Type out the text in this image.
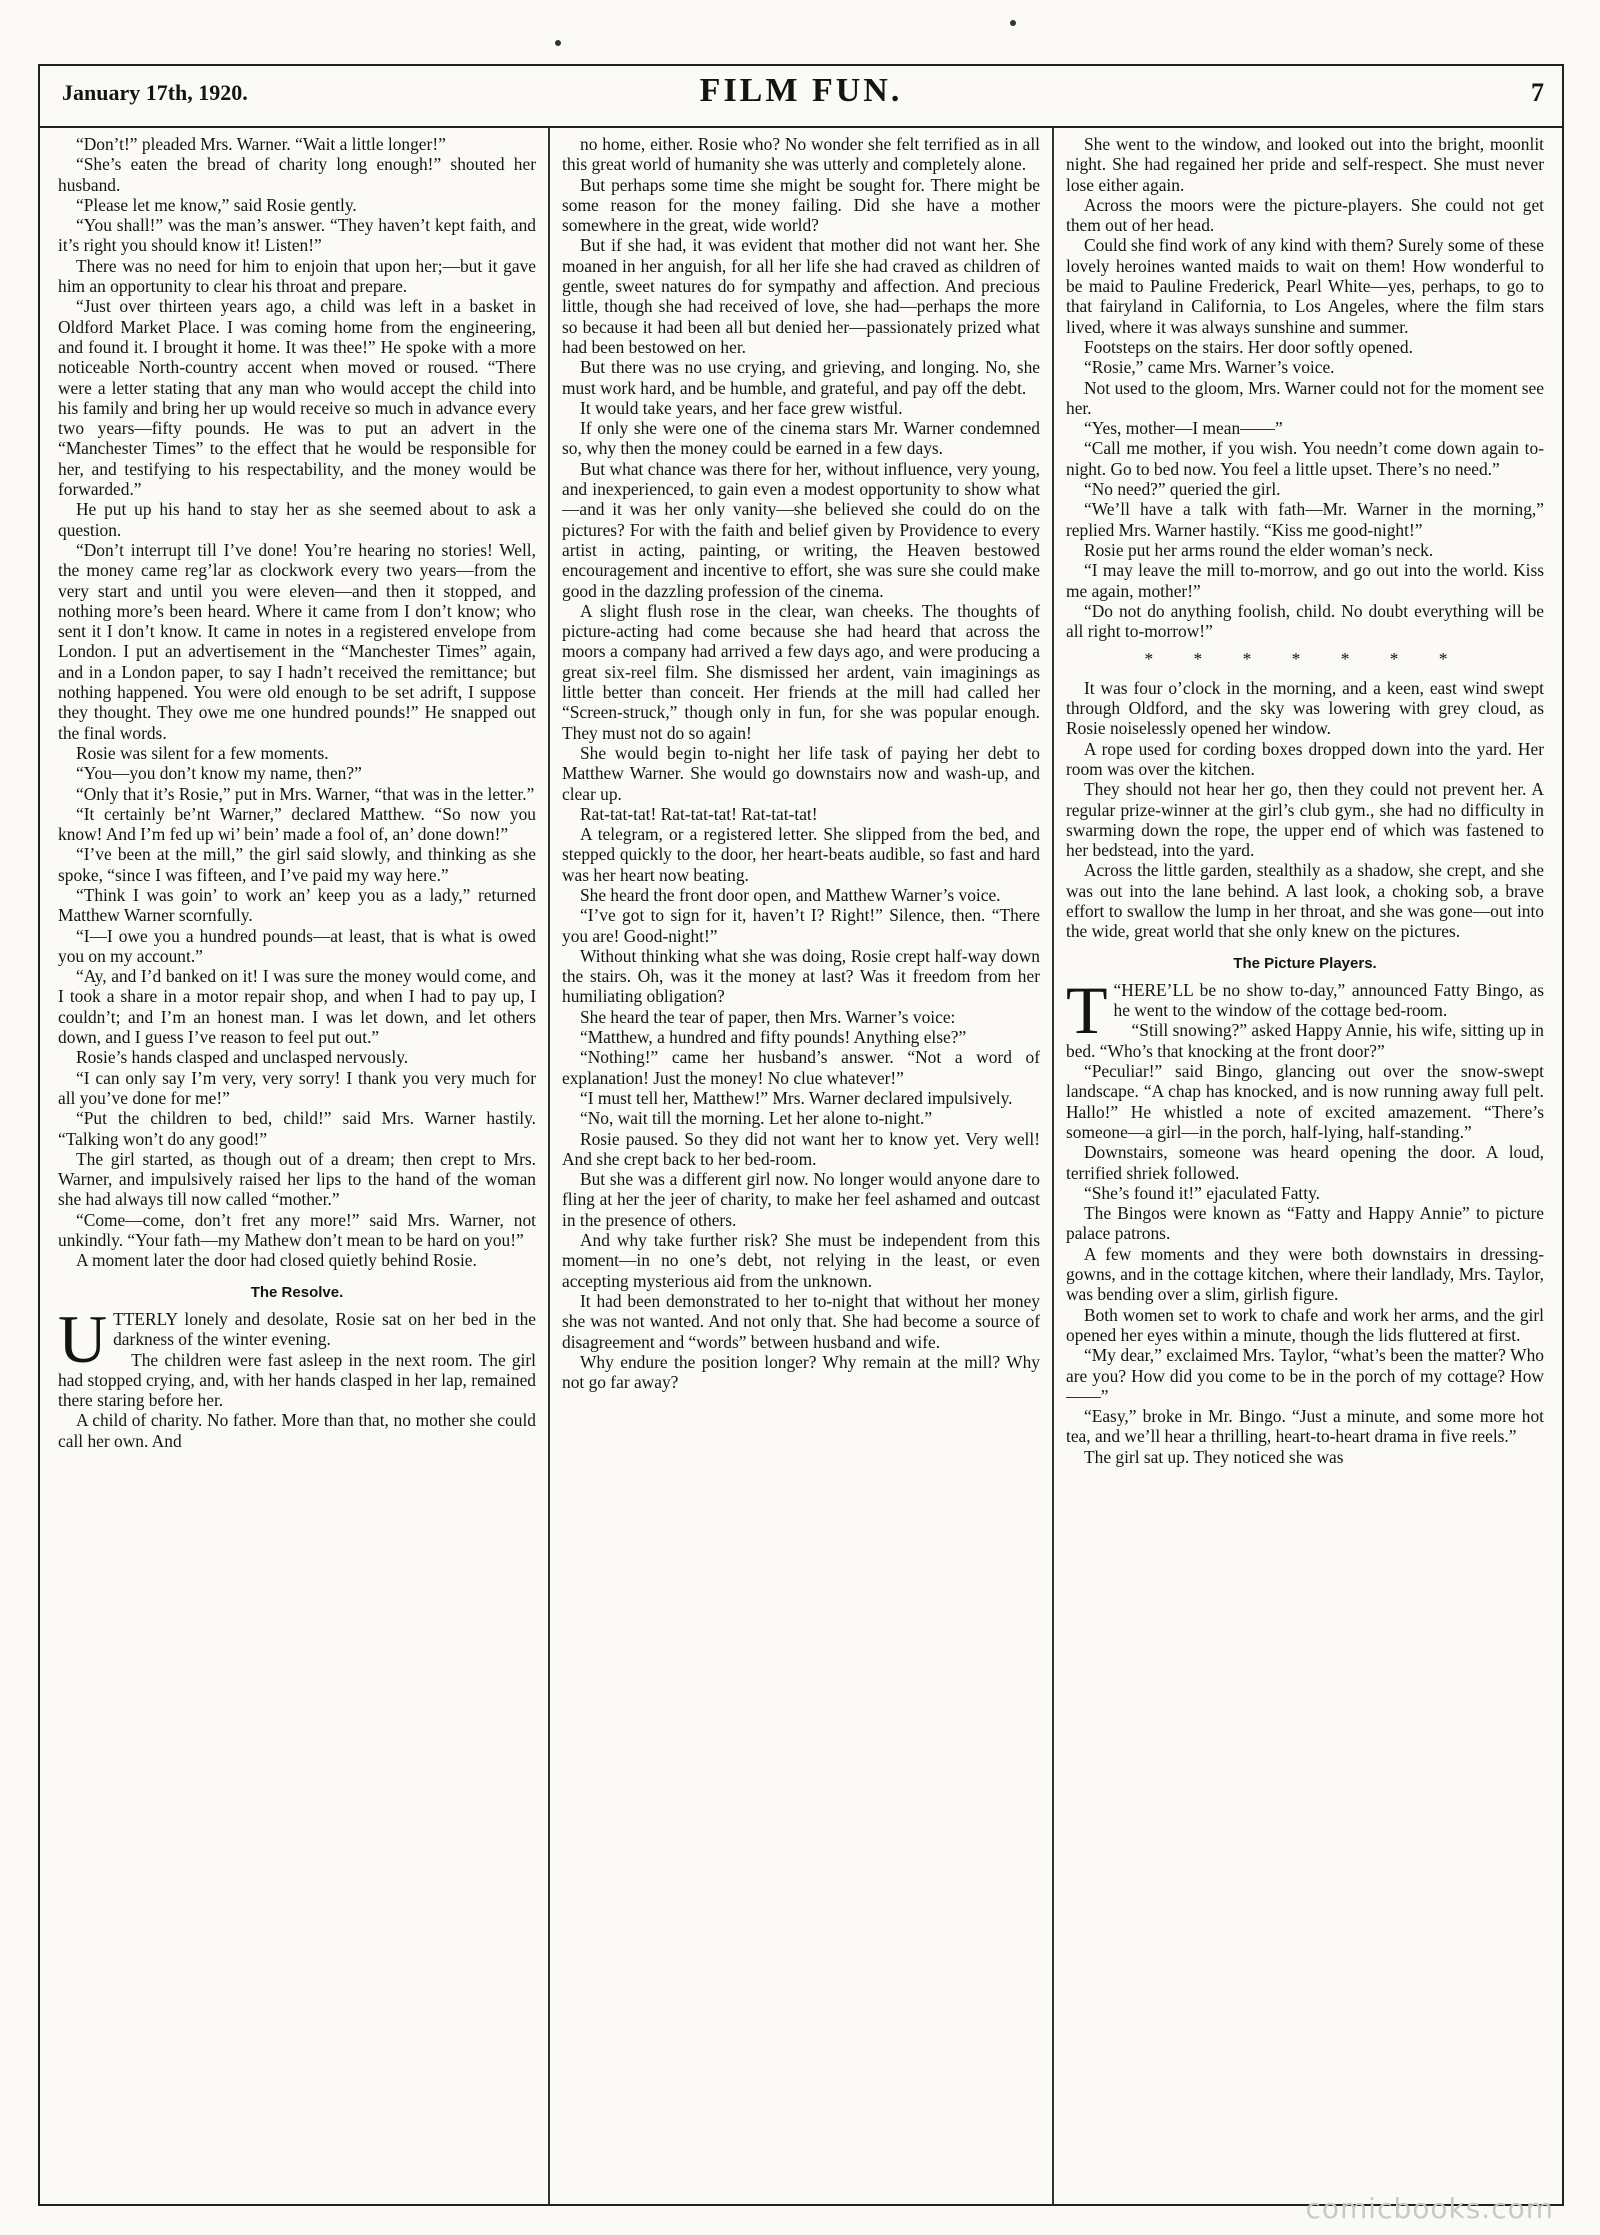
January 17th, 1920.	FILM FUN.	7

“Don’t!” pleaded Mrs. Warner. “Wait a little longer!”

“She’s eaten the bread of charity long enough!” shouted her husband.

“Please let me know,” said Rosie gently.

“You shall!” was the man’s answer. “They haven’t kept faith, and it’s right you should know it! Listen!”

There was no need for him to enjoin that upon her;—but it gave him an opportunity to clear his throat and prepare.

“Just over thirteen years ago, a child was left in a basket in Oldford Market Place. I was coming home from the engineering, and found it. I brought it home. It was thee!” He spoke with a more noticeable North-country accent when moved or roused. “There were a letter stating that any man who would accept the child into his family and bring her up would receive so much in advance every two years—fifty pounds. He was to put an advert in the “Manchester Times” to the effect that he would be responsible for her, and testifying to his respectability, and the money would be forwarded.”

He put up his hand to stay her as she seemed about to ask a question.

“Don’t interrupt till I’ve done! You’re hearing no stories! Well, the money came reg’lar as clockwork every two years—from the very start and until you were eleven—and then it stopped, and nothing more’s been heard. Where it came from I don’t know; who sent it I don’t know. It came in notes in a registered envelope from London. I put an advertisement in the “Manchester Times” again, and in a London paper, to say I hadn’t received the remittance; but nothing happened. You were old enough to be set adrift, I suppose they thought. They owe me one hundred pounds!” He snapped out the final words.

Rosie was silent for a few moments.

“You—you don’t know my name, then?”

“Only that it’s Rosie,” put in Mrs. Warner, “that was in the letter.”

“It certainly be’nt Warner,” declared Matthew. “So now you know! And I’m fed up wi’ bein’ made a fool of, an’ done down!”

“I’ve been at the mill,” the girl said slowly, and thinking as she spoke, “since I was fifteen, and I’ve paid my way here.”

“Think I was goin’ to work an’ keep you as a lady,” returned Matthew Warner scornfully.

“I—I owe you a hundred pounds—at least, that is what is owed you on my account.”

“Ay, and I’d banked on it! I was sure the money would come, and I took a share in a motor repair shop, and when I had to pay up, I couldn’t; and I’m an honest man. I was let down, and let others down, and I guess I’ve reason to feel put out.”

Rosie’s hands clasped and unclasped nervously.

“I can only say I’m very, very sorry! I thank you very much for all you’ve done for me!”

“Put the children to bed, child!” said Mrs. Warner hastily. “Talking won’t do any good!”

The girl started, as though out of a dream; then crept to Mrs. Warner, and impulsively raised her lips to the hand of the woman she had always till now called “mother.”

“Come—come, don’t fret any more!” said Mrs. Warner, not unkindly. “Your fath—my Mathew don’t mean to be hard on you!”

A moment later the door had closed quietly behind Rosie.

The Resolve.

UTTERLY lonely and desolate, Rosie sat on her bed in the darkness of the winter evening.

The children were fast asleep in the next room. The girl had stopped crying, and, with her hands clasped in her lap, remained there staring before her.

A child of charity. No father. More than that, no mother she could call her own. And

no home, either. Rosie who? No wonder she felt terrified as in all this great world of humanity she was utterly and completely alone.

But perhaps some time she might be sought for. There might be some reason for the money failing. Did she have a mother somewhere in the great, wide world?

But if she had, it was evident that mother did not want her. She moaned in her anguish, for all her life she had craved as children of gentle, sweet natures do for sympathy and affection. And precious little, though she had received of love, she had—perhaps the more so because it had been all but denied her—passionately prized what had been bestowed on her.

But there was no use crying, and grieving, and longing. No, she must work hard, and be humble, and grateful, and pay off the debt.

It would take years, and her face grew wistful.

If only she were one of the cinema stars Mr. Warner condemned so, why then the money could be earned in a few days.

But what chance was there for her, without influence, very young, and inexperienced, to gain even a modest opportunity to show what—and it was her only vanity—she believed she could do on the pictures? For with the faith and belief given by Providence to every artist in acting, painting, or writing, the Heaven bestowed encouragement and incentive to effort, she was sure she could make good in the dazzling profession of the cinema.

A slight flush rose in the clear, wan cheeks. The thoughts of picture-acting had come because she had heard that across the moors a company had arrived a few days ago, and were producing a great six-reel film. She dismissed her ardent, vain imaginings as little better than conceit. Her friends at the mill had called her “Screen-struck,” though only in fun, for she was popular enough. They must not do so again!

She would begin to-night her life task of paying her debt to Matthew Warner. She would go downstairs now and wash-up, and clear up.

Rat-tat-tat! Rat-tat-tat! Rat-tat-tat!

A telegram, or a registered letter. She slipped from the bed, and stepped quickly to the door, her heart-beats audible, so fast and hard was her heart now beating.

She heard the front door open, and Matthew Warner’s voice.

“I’ve got to sign for it, haven’t I? Right!” Silence, then. “There you are! Good-night!”

Without thinking what she was doing, Rosie crept half-way down the stairs. Oh, was it the money at last? Was it freedom from her humiliating obligation?

She heard the tear of paper, then Mrs. Warner’s voice:

“Matthew, a hundred and fifty pounds! Anything else?”

“Nothing!” came her husband’s answer. “Not a word of explanation! Just the money! No clue whatever!”

“I must tell her, Matthew!” Mrs. Warner declared impulsively.

“No, wait till the morning. Let her alone to-night.”

Rosie paused. So they did not want her to know yet. Very well! And she crept back to her bed-room.

But she was a different girl now. No longer would anyone dare to fling at her the jeer of charity, to make her feel ashamed and outcast in the presence of others.

And why take further risk? She must be independent from this moment—in no one’s debt, not relying in the least, or even accepting mysterious aid from the unknown.

It had been demonstrated to her to-night that without her money she was not wanted. And not only that. She had become a source of disagreement and “words” between husband and wife.

Why endure the position longer? Why remain at the mill? Why not go far away?

She went to the window, and looked out into the bright, moonlit night. She had regained her pride and self-respect. She must never lose either again.

Across the moors were the picture-players. She could not get them out of her head.

Could she find work of any kind with them? Surely some of these lovely heroines wanted maids to wait on them! How wonderful to be maid to Pauline Frederick, Pearl White—yes, perhaps, to go to that fairyland in California, to Los Angeles, where the film stars lived, where it was always sunshine and summer.

Footsteps on the stairs. Her door softly opened.

“Rosie,” came Mrs. Warner’s voice.

Not used to the gloom, Mrs. Warner could not for the moment see her.

“Yes, mother—I mean——”

“Call me mother, if you wish. You needn’t come down again to-night. Go to bed now. You feel a little upset. There’s no need.”

“No need?” queried the girl.

“We’ll have a talk with fath—Mr. Warner in the morning,” replied Mrs. Warner hastily. “Kiss me good-night!”

Rosie put her arms round the elder woman’s neck.

“I may leave the mill to-morrow, and go out into the world. Kiss me again, mother!”

“Do not do anything foolish, child. No doubt everything will be all right to-morrow!”

* * * * * * *

It was four o’clock in the morning, and a keen, east wind swept through Oldford, and the sky was lowering with grey cloud, as Rosie noiselessly opened her window.

A rope used for cording boxes dropped down into the yard. Her room was over the kitchen.

They should not hear her go, then they could not prevent her. A regular prize-winner at the girl’s club gym., she had no difficulty in swarming down the rope, the upper end of which was fastened to her bedstead, into the yard.

Across the little garden, stealthily as a shadow, she crept, and she was out into the lane behind. A last look, a choking sob, a brave effort to swallow the lump in her throat, and she was gone—out into the wide, great world that she only knew on the pictures.

The Picture Players.

T “HERE’LL be no show to-day,” announced Fatty Bingo, as he went to the window of the cottage bed-room.

“Still snowing?” asked Happy Annie, his wife, sitting up in bed. “Who’s that knocking at the front door?”

“Peculiar!” said Bingo, glancing out over the snow-swept landscape. “A chap has knocked, and is now running away full pelt. Hallo!” He whistled a note of excited amazement. “There’s someone—a girl—in the porch, half-lying, half-standing.”

Downstairs, someone was heard opening the door. A loud, terrified shriek followed.

“She’s found it!” ejaculated Fatty.

The Bingos were known as “Fatty and Happy Annie” to picture palace patrons.

A few moments and they were both downstairs in dressing-gowns, and in the cottage kitchen, where their landlady, Mrs. Taylor, was bending over a slim, girlish figure.

Both women set to work to chafe and work her arms, and the girl opened her eyes within a minute, though the lids fluttered at first.

“My dear,” exclaimed Mrs. Taylor, “what’s been the matter? Who are you? How did you come to be in the porch of my cottage? How——”

“Easy,” broke in Mr. Bingo. “Just a minute, and some more hot tea, and we’ll hear a thrilling, heart-to-heart drama in five reels.”

The girl sat up. They noticed she was

comicbooks.com
